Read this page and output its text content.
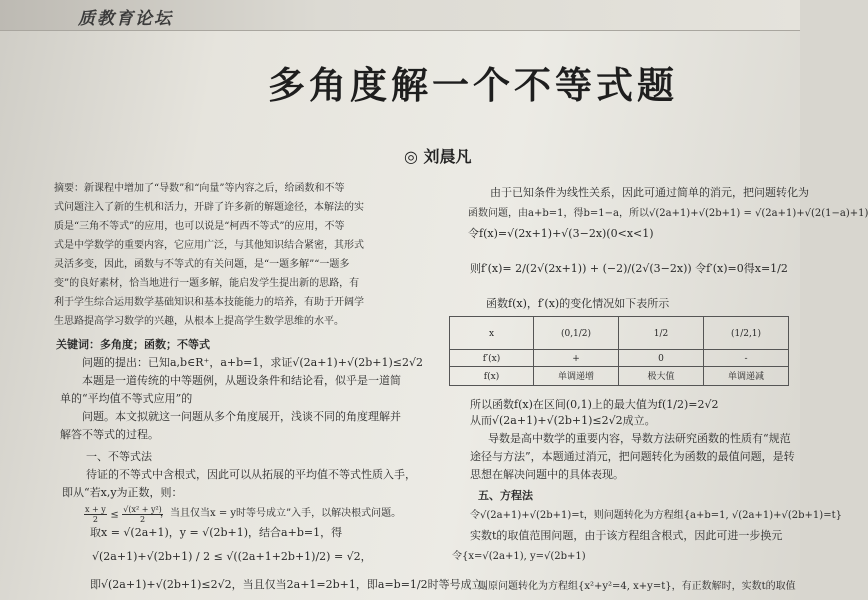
质教育论坛
多角度解一个不等式题
◎ 刘晨凡
摘要：新课程中增加了“导数”和“向量”等内容之后，给函数和不等
式问题注入了新的生机和活力，开辟了许多新的解题途径，本解法的实
质是“三角不等式”的应用，也可以说是“柯西不等式”的应用，不等
式是中学数学的重要内容，它应用广泛，与其他知识结合紧密，其形式
灵活多变，因此，函数与不等式的有关问题，是“一题多解”“一题多
变”的良好素材，恰当地进行一题多解，能启发学生提出新的思路，有
利于学生综合运用数学基础知识和基本技能能力的培养，有助于开阔学
生思路提高学习数学的兴趣，从根本上提高学生数学思维的水平。
关键词：多角度；函数；不等式
问题的提出：已知a,b∈R⁺，a+b=1，求证√(2a+1)+√(2b+1)≤2√2
本题是一道传统的中等题例，从题设条件和结论看，似乎是一道简
单的“平均值不等式应用”的
问题。本文拟就这一问题从多个角度展开，浅谈不同的角度理解并
解答不等式的过程。
一、不等式法
待证的不等式中含根式，因此可以从拓展的平均值不等式性质入手，
即从“若x,y为正数，则：
$\frac{x + y}{2} \le \frac{\text{√(x² + y²)}}{2}$
，当且仅当x = y时等号成立”入手，以解决根式问题。
取x = √(2a+1)，y = √(2b+1)，结合a+b=1，得
√(2a+1)+√(2b+1) / 2 ≤ √((2a+1+2b+1)/2) = √2，
即√(2a+1)+√(2b+1)≤2√2，当且仅当2a+1=2b+1，即a=b=1/2时等号成立。
由于已知条件为线性关系，因此可通过简单的消元，把问题转化为
函数问题，由a+b=1，得b=1−a，所以√(2a+1)+√(2b+1) = √(2a+1)+√(2(1−a)+1)
令f(x)=√(2x+1)+√(3−2x)(0<x<1)
则f′(x)= 2/(2√(2x+1)) + (−2)/(2√(3−2x)) 令f′(x)=0得x=1/2
函数f(x)，f′(x)的变化情况如下表所示
x	(0,1/2)	1/2	(1/2,1)
f′(x)	+	0	-
f(x)	单调递增	极大值	单调递减
所以函数f(x)在区间(0,1)上的最大值为f(1/2)=2√2
从而√(2a+1)+√(2b+1)≤2√2成立。
导数是高中数学的重要内容，导数方法研究函数的性质有“规范
途径与方法”，本题通过消元，把问题转化为函数的最值问题，是转
思想在解决问题中的具体表现。
五、方程法
令√(2a+1)+√(2b+1)=t，则问题转化为方程组{a+b=1, √(2a+1)+√(2b+1)=t}
实数t的取值范围问题，由于该方程组含根式，因此可进一步换元
令{x=√(2a+1), y=√(2b+1)
则原问题转化为方程组{x²+y²=4, x+y=t}，有正数解时，实数t的取值
